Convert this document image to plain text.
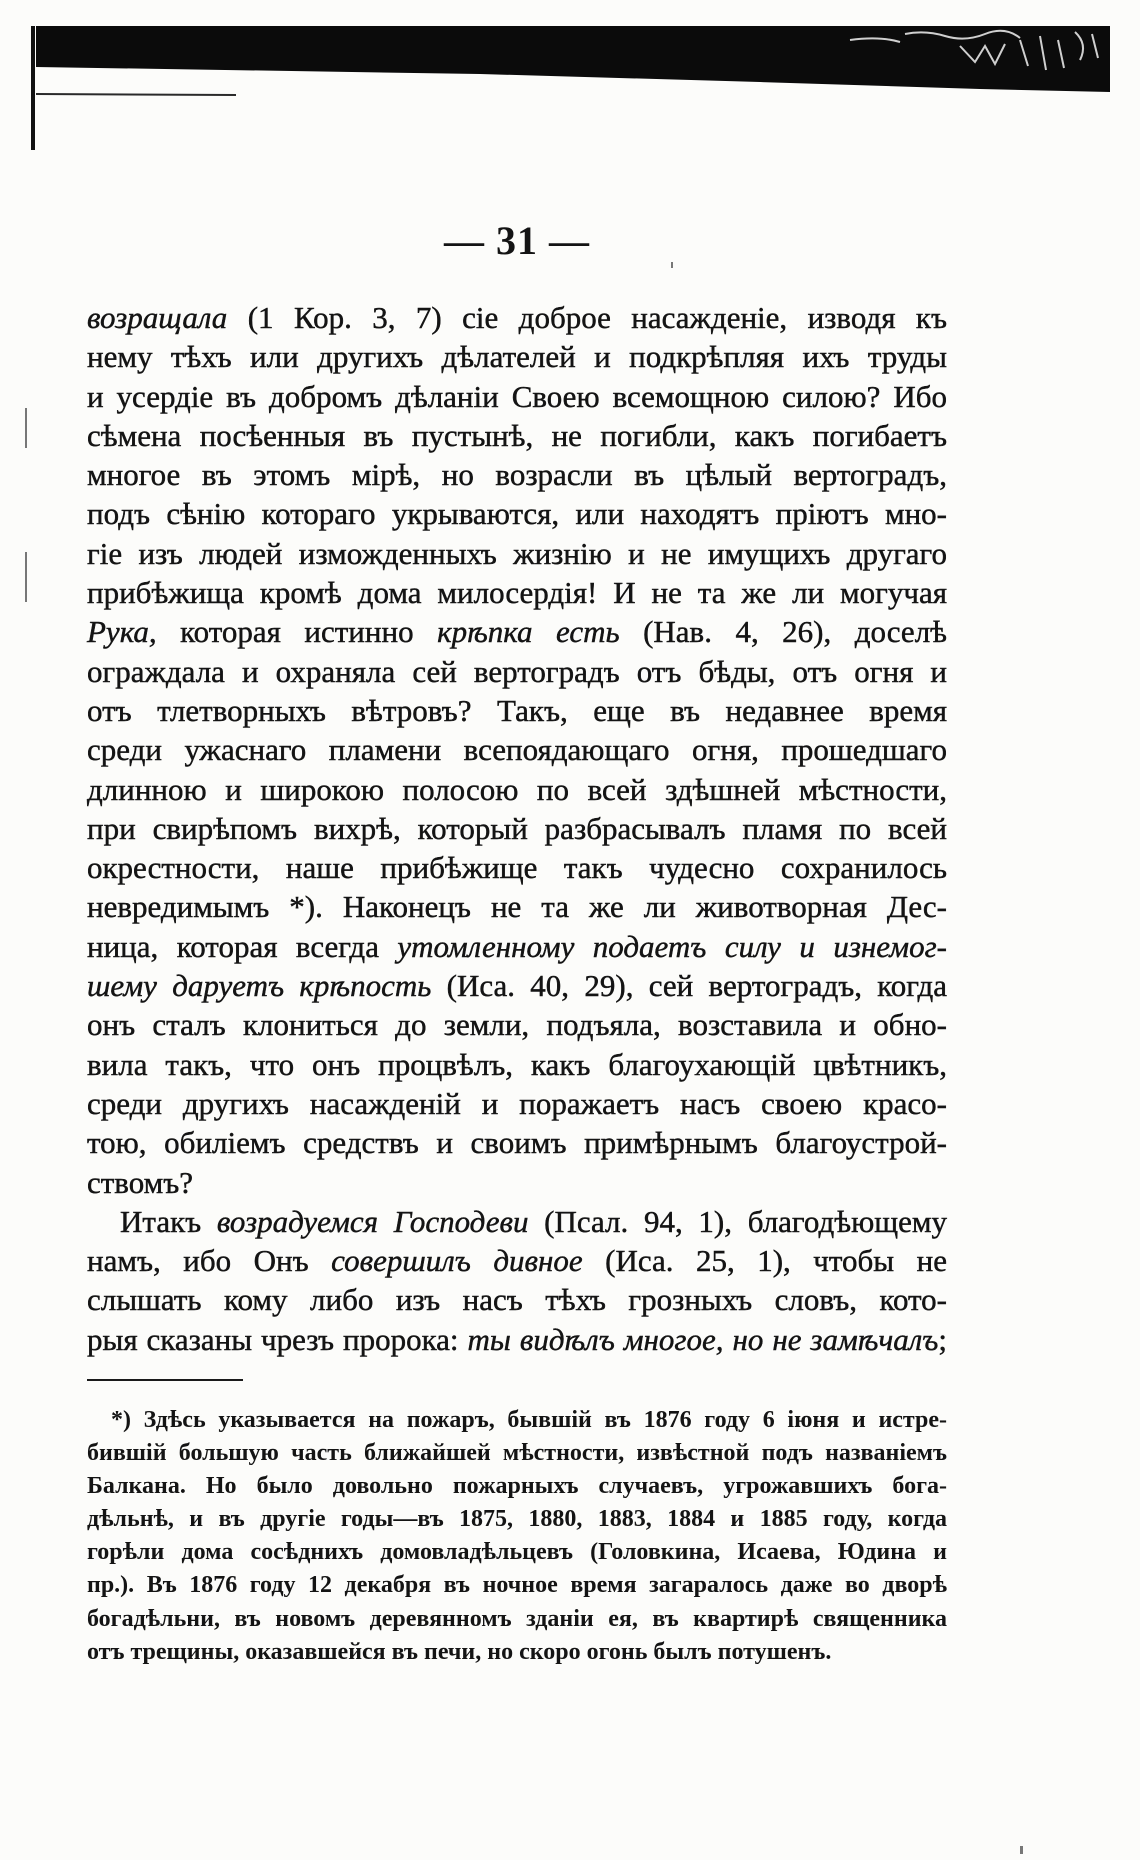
— 31 —
возращала (1 Кор. 3, 7) сіе доброе насажденіе, изводя къ
нему тѣхъ или другихъ дѣлателей и подкрѣпляя ихъ труды
и усердіе въ добромъ дѣланіи Своею всемощною силою? Ибо
сѣмена посѣенныя въ пустынѣ, не погибли, какъ погибаетъ
многое въ этомъ мірѣ, но возрасли въ цѣлый вертоградъ,
подъ сѣнію котораго укрываются, или находятъ пріютъ мно-
гіе изъ людей изможденныхъ жизнію и не имущихъ другаго
прибѣжища кромѣ дома милосердія! И не та же ли могучая
Рука, которая истинно крѣпка есть (Нав. 4, 26), доселѣ
ограждала и охраняла сей вертоградъ отъ бѣды, отъ огня и
отъ тлетворныхъ вѣтровъ? Такъ, еще въ недавнее время
среди ужаснаго пламени всепоядающаго огня, прошедшаго
длинною и широкою полосою по всей здѣшней мѣстности,
при свирѣпомъ вихрѣ, который разбрасывалъ пламя по всей
окрестности, наше прибѣжище такъ чудесно сохранилось
невредимымъ *). Наконецъ не та же ли животворная Дес-
ница, которая всегда утомленному подаетъ силу и изнемог-
шему даруетъ крѣпость (Иса. 40, 29), сей вертоградъ, когда
онъ сталъ клониться до земли, подъяла, возставила и обно-
вила такъ, что онъ процвѣлъ, какъ благоухающій цвѣтникъ,
среди другихъ насажденій и поражаетъ насъ своею красо-
тою, обиліемъ средствъ и своимъ примѣрнымъ благоустрой-
ствомъ?
Итакъ возрадуемся Господеви (Псал. 94, 1), благодѣющему
намъ, ибо Онъ совершилъ дивное (Иса. 25, 1), чтобы не
слышать кому либо изъ насъ тѣхъ грозныхъ словъ, кото-
рыя сказаны чрезъ пророка: ты видѣлъ многое, но не замѣчалъ;
*) Здѣсь указывается на пожаръ, бывшій въ 1876 году 6 іюня и истре-
бившій большую часть ближайшей мѣстности, извѣстной подъ названіемъ
Балкана. Но было довольно пожарныхъ случаевъ, угрожавшихъ бога-
дѣльнѣ, и въ другіе годы—въ 1875, 1880, 1883, 1884 и 1885 году, когда
горѣли дома сосѣднихъ домовладѣльцевъ (Головкина, Исаева, Юдина и
пр.). Въ 1876 году 12 декабря въ ночное время загаралось даже во дворѣ
богадѣльни, въ новомъ деревянномъ зданіи ея, въ квартирѣ священника
отъ трещины, оказавшейся въ печи, но скоро огонь былъ потушенъ.
